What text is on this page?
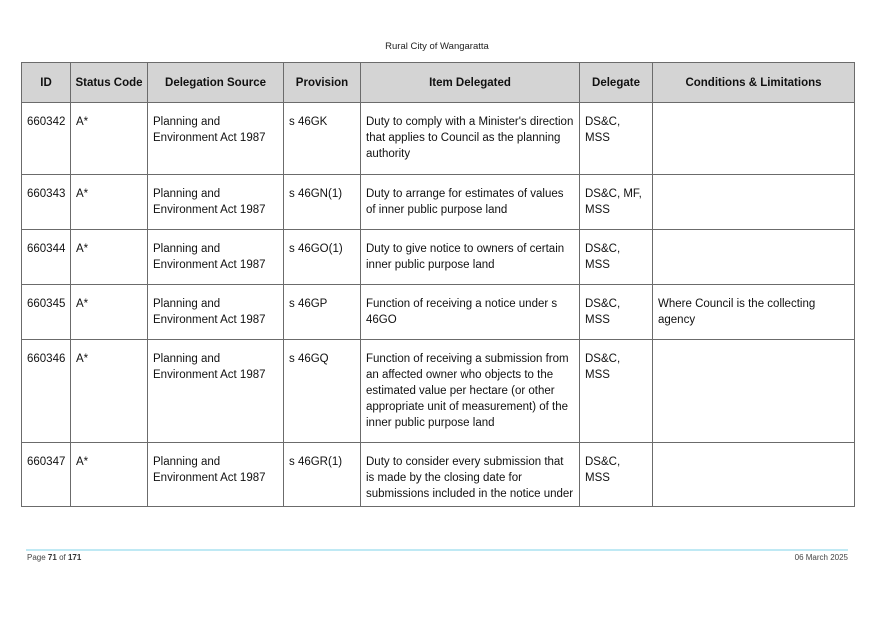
Rural City of Wangaratta
ID	Status Code	Delegation Source	Provision	Item Delegated	Delegate	Conditions & Limitations
660342	A*	Planning and Environment Act 1987	s 46GK	Duty to comply with a Minister's direction that applies to Council as the planning authority	DS&C, MSS	
660343	A*	Planning and Environment Act 1987	s 46GN(1)	Duty to arrange for estimates of values of inner public purpose land	DS&C, MF, MSS	
660344	A*	Planning and Environment Act 1987	s 46GO(1)	Duty to give notice to owners of certain inner public purpose land	DS&C, MSS	
660345	A*	Planning and Environment Act 1987	s 46GP	Function of receiving a notice under s 46GO	DS&C, MSS	Where Council is the collecting agency
660346	A*	Planning and Environment Act 1987	s 46GQ	Function of receiving a submission from an affected owner who objects to the estimated value per hectare (or other appropriate unit of measurement) of the inner public purpose land	DS&C, MSS	
660347	A*	Planning and Environment Act 1987	s 46GR(1)	Duty to consider every submission that is made by the closing date for submissions included in the notice under	DS&C, MSS	
Page 71 of 171	06 March 2025
